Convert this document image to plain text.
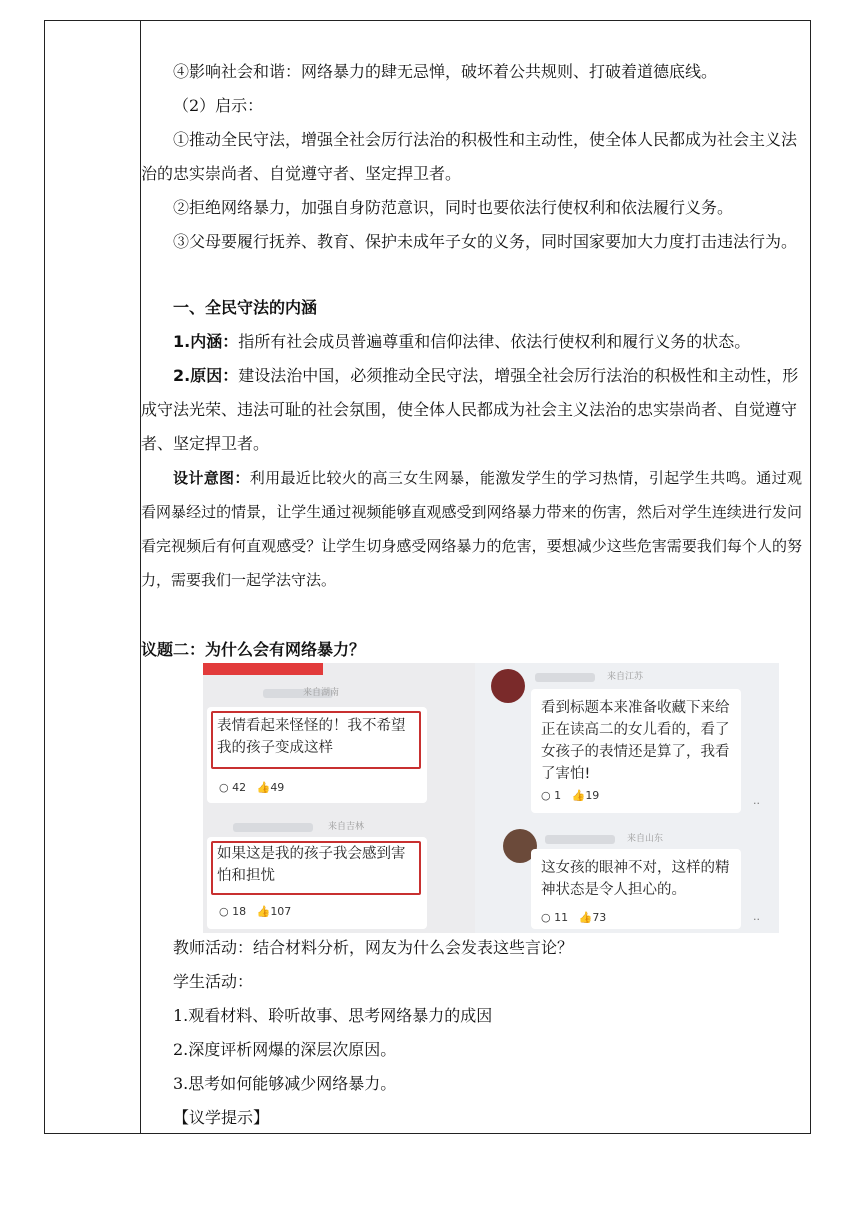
④影响社会和谐：网络暴力的肆无忌惮，破坏着公共规则、打破着道德底线。

（2）启示：

①推动全民守法，增强全社会厉行法治的积极性和主动性，使全体人民都成为社会主义法治的忠实崇尚者、自觉遵守者、坚定捍卫者。

②拒绝网络暴力，加强自身防范意识，同时也要依法行使权利和依法履行义务。

③父母要履行抚养、教育、保护未成年子女的义务，同时国家要加大力度打击违法行为。

一、全民守法的内涵

1.内涵：指所有社会成员普遍尊重和信仰法律、依法行使权利和履行义务的状态。

2.原因：建设法治中国，必须推动全民守法，增强全社会厉行法治的积极性和主动性，形成守法光荣、违法可耻的社会氛围，使全体人民都成为社会主义法治的忠实崇尚者、自觉遵守者、坚定捍卫者。

设计意图：利用最近比较火的高三女生网暴，能激发学生的学习热情，引起学生共鸣。通过观看网暴经过的情景，让学生通过视频能够直观感受到网络暴力带来的伤害，然后对学生连续进行发问看完视频后有何直观感受？让学生切身感受网络暴力的危害，要想减少这些危害需要我们每个人的努力，需要我们一起学法守法。

议题二：为什么会有网络暴力？

来自湖南
表情看起来怪怪的！我不希望我的孩子变成这样
○ 42 👍49
来自吉林
如果这是我的孩子我会感到害怕和担忧
○ 18 👍107
来自江苏
看到标题本来准备收藏下来给正在读高二的女儿看的，看了女孩子的表情还是算了，我看了害怕!
○ 1 👍19
··
来自山东
这女孩的眼神不对，这样的精神状态是令人担心的。
○ 11 👍73	··

教师活动：结合材料分析，网友为什么会发表这些言论？

学生活动：

1.观看材料、聆听故事、思考网络暴力的成因

2.深度评析网爆的深层次原因。

3.思考如何能够减少网络暴力。

【议学提示】
